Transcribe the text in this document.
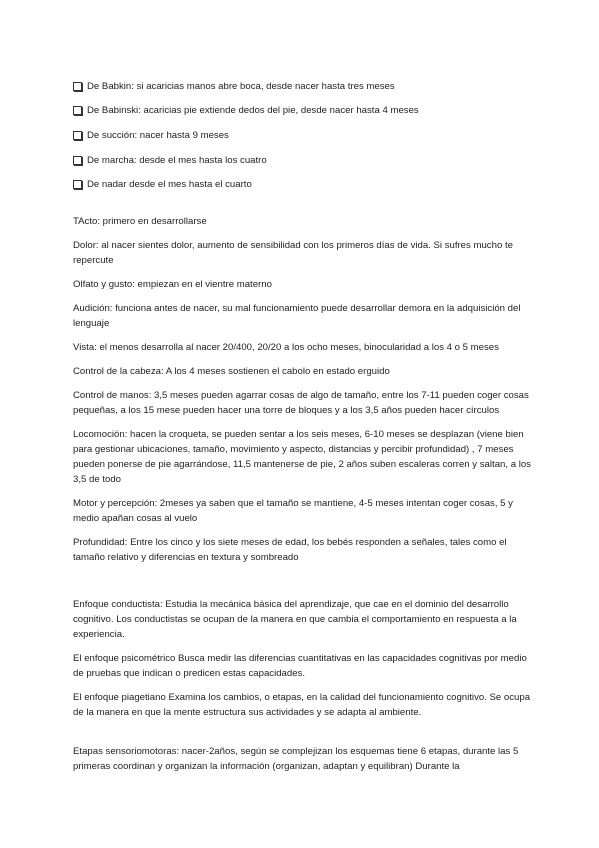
De Babkin: si acaricias manos abre boca, desde nacer hasta tres meses
De Babinski: acaricias pie extiende dedos del pie, desde nacer hasta 4 meses
De succión: nacer hasta 9 meses
De marcha: desde el mes hasta los cuatro
De nadar desde el mes hasta el cuarto

TActo: primero en desarrollarse

Dolor: al nacer sientes dolor, aumento de sensibilidad con los primeros días de vida. Si sufres mucho te repercute

Olfato y gusto: empiezan en el vientre materno

Audición: funciona antes de nacer, su mal funcionamiento puede desarrollar demora en la adquisición del lenguaje

Vista: el menos desarrolla al nacer 20/400, 20/20 a los ocho meses, binocularidad a los 4 o 5 meses

Control de la cabeza: A los 4 meses sostienen el cabolo en estado erguido

Control de manos: 3,5 meses pueden agarrar cosas de algo de tamaño, entre los 7-11 pueden coger cosas pequeñas, a los 15 mese pueden hacer una torre de bloques y a los 3,5 años pueden hacer círculos

Locomoción: hacen la croqueta, se pueden sentar a los seis meses, 6-10 meses se desplazan (viene bien para gestionar ubicaciones, tamaño, movimiento y aspecto, distancias y percibir profundidad) , 7 meses pueden ponerse de pie agarrándose, 11,5 mantenerse de pie, 2 años suben escaleras corren y saltan, a los 3,5 de todo

Motor y percepción: 2meses ya saben que el tamaño se mantiene, 4-5 meses intentan coger cosas, 5 y medio apañan cosas al vuelo

Profundidad: Entre los cinco y los siete meses de edad, los bebés responden a señales, tales como el tamaño relativo y diferencias en textura y sombreado

Enfoque conductista: Estudia la mecánica básica del aprendizaje, que cae en el dominio del desarrollo cognitivo. Los conductistas se ocupan de la manera en que cambia el comportamiento en respuesta a la experiencia.

El enfoque psicométrico Busca medir las diferencias cuantitativas en las capacidades cognitivas por medio de pruebas que indican o predicen estas capacidades.

El enfoque piagetiano Examina los cambios, o etapas, en la calidad del funcionamiento cognitivo. Se ocupa de la manera en que la mente estructura sus actividades y se adapta al ambiente.

Etapas sensoriomotoras: nacer-2años, según se complejizan los esquemas tiene 6 etapas, durante las 5 primeras coordinan y organizan la información (organizan, adaptan y equilibran) Durante la
